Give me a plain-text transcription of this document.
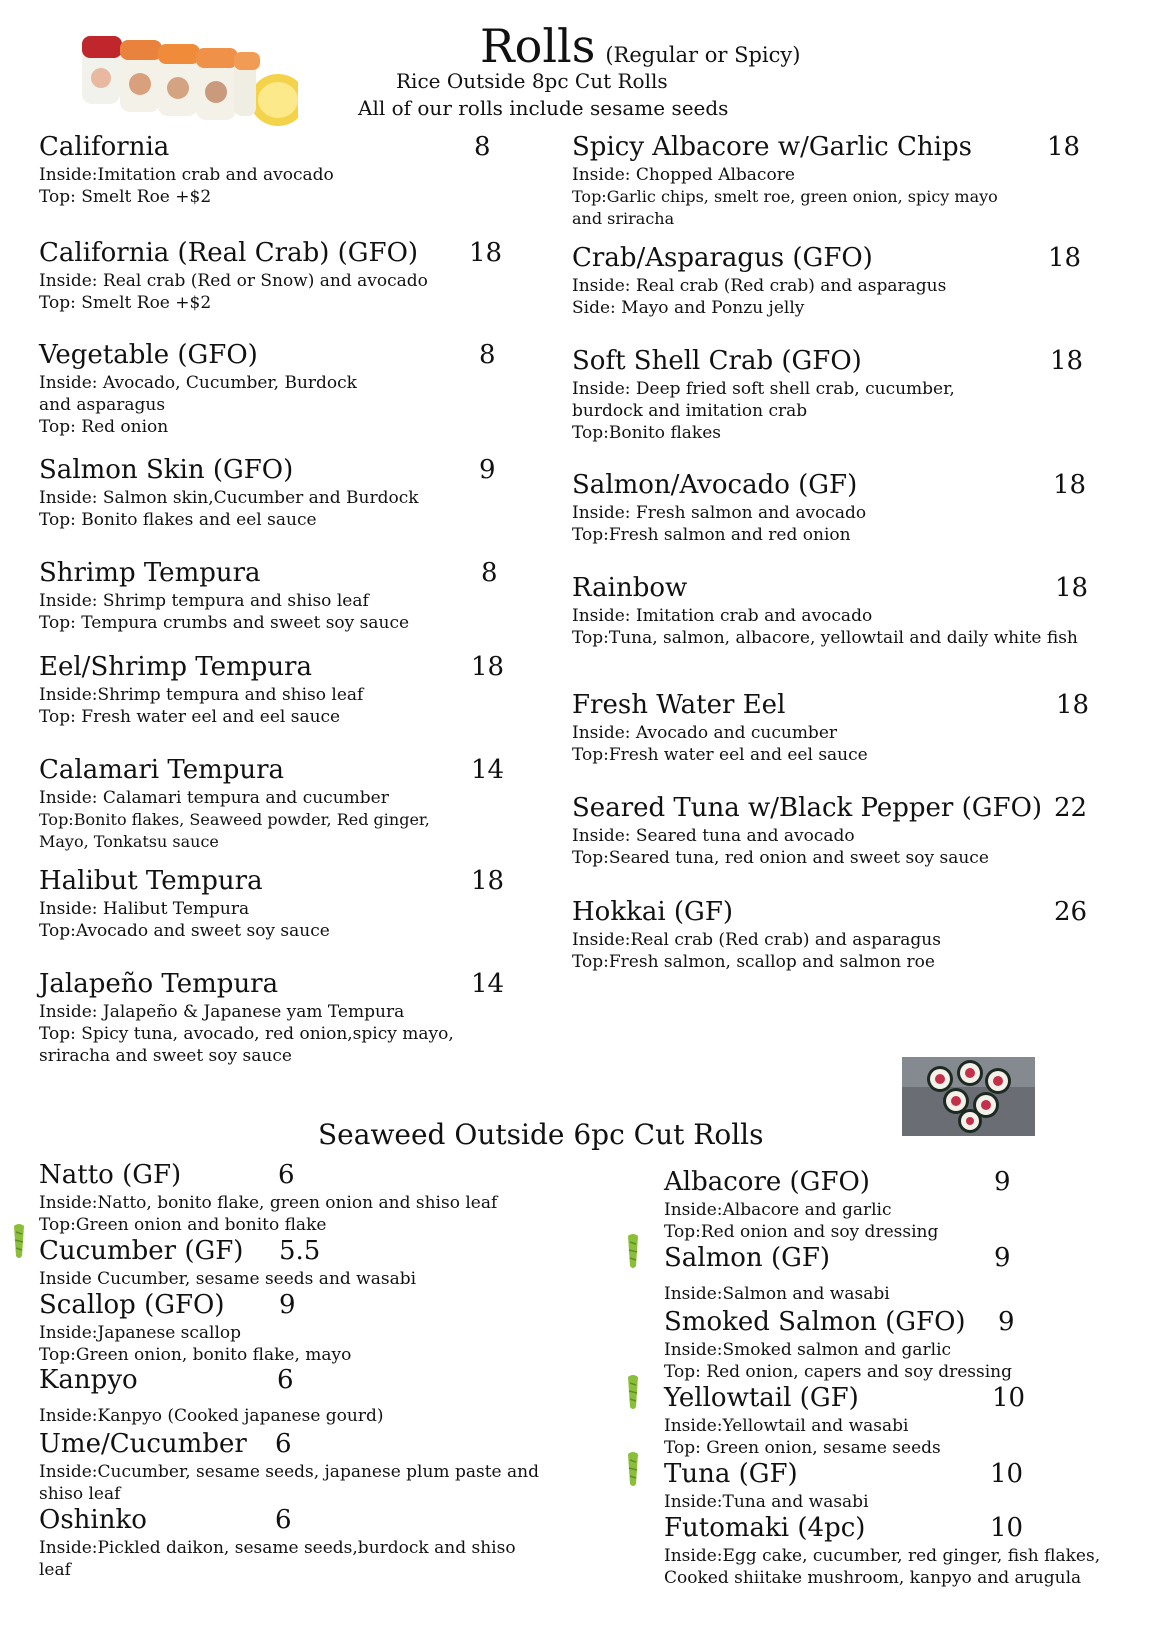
Rolls (Regular or Spicy)
Rice Outside 8pc Cut Rolls
All of our rolls include sesame seeds
California	8
Inside:Imitation crab and avocado
Top: Smelt Roe +$2
California (Real Crab) (GFO)	18
Inside: Real crab (Red or Snow) and avocado
Top: Smelt Roe +$2
Vegetable (GFO)	8
Inside: Avocado, Cucumber, Burdock
and asparagus
Top: Red onion
Salmon Skin (GFO)	9
Inside: Salmon skin,Cucumber and Burdock
Top: Bonito flakes and eel sauce
Shrimp Tempura	8
Inside: Shrimp tempura and shiso leaf
Top: Tempura crumbs and sweet soy sauce
Eel/Shrimp Tempura	18
Inside:Shrimp tempura and shiso leaf
Top: Fresh water eel and eel sauce
Calamari Tempura	14
Inside: Calamari tempura and cucumber
Top:Bonito flakes, Seaweed powder, Red ginger,
Mayo, Tonkatsu sauce
Halibut Tempura	18
Inside: Halibut Tempura
Top:Avocado and sweet soy sauce
Jalapeño Tempura	14
Inside: Jalapeño & Japanese yam Tempura
Top: Spicy tuna, avocado, red onion,spicy mayo,
sriracha and sweet soy sauce
Spicy Albacore w/Garlic Chips	18
Inside: Chopped Albacore
Top:Garlic chips, smelt roe, green onion, spicy mayo
and sriracha
Crab/Asparagus (GFO)	18
Inside: Real crab (Red crab) and asparagus
Side: Mayo and Ponzu jelly
Soft Shell Crab (GFO)	18
Inside: Deep fried soft shell crab, cucumber,
burdock and imitation crab
Top:Bonito flakes
Salmon/Avocado (GF)	18
Inside: Fresh salmon and avocado
Top:Fresh salmon and red onion
Rainbow	18
Inside: Imitation crab and avocado
Top:Tuna, salmon, albacore, yellowtail and daily white fish
Fresh Water Eel	18
Inside: Avocado and cucumber
Top:Fresh water eel and eel sauce
Seared Tuna w/Black Pepper (GFO) 22
Inside: Seared tuna and avocado
Top:Seared tuna, red onion and sweet soy sauce
Hokkai (GF)	26
Inside:Real crab (Red crab) and asparagus
Top:Fresh salmon, scallop and salmon roe
Seaweed Outside 6pc Cut Rolls
Natto (GF)	6
Inside:Natto, bonito flake, green onion and shiso leaf
Top:Green onion and bonito flake
Cucumber (GF)	5.5
Inside Cucumber, sesame seeds and wasabi
Scallop (GFO)	9
Inside:Japanese scallop
Top:Green onion, bonito flake, mayo
Kanpyo	6
Inside:Kanpyo (Cooked japanese gourd)
Ume/Cucumber	6
Inside:Cucumber, sesame seeds, japanese plum paste and
shiso leaf
Oshinko	6
Inside:Pickled daikon, sesame seeds,burdock and shiso
leaf
Albacore (GFO)	9
Inside:Albacore and garlic
Top:Red onion and soy dressing
Salmon (GF)	9
Inside:Salmon and wasabi
Smoked Salmon (GFO)	9
Inside:Smoked salmon and garlic
Top: Red onion, capers and soy dressing
Yellowtail (GF)	10
Inside:Yellowtail and wasabi
Top: Green onion, sesame seeds
Tuna (GF)	10
Inside:Tuna and wasabi
Futomaki (4pc)	10
Inside:Egg cake, cucumber, red ginger, fish flakes,
Cooked shiitake mushroom, kanpyo and arugula
